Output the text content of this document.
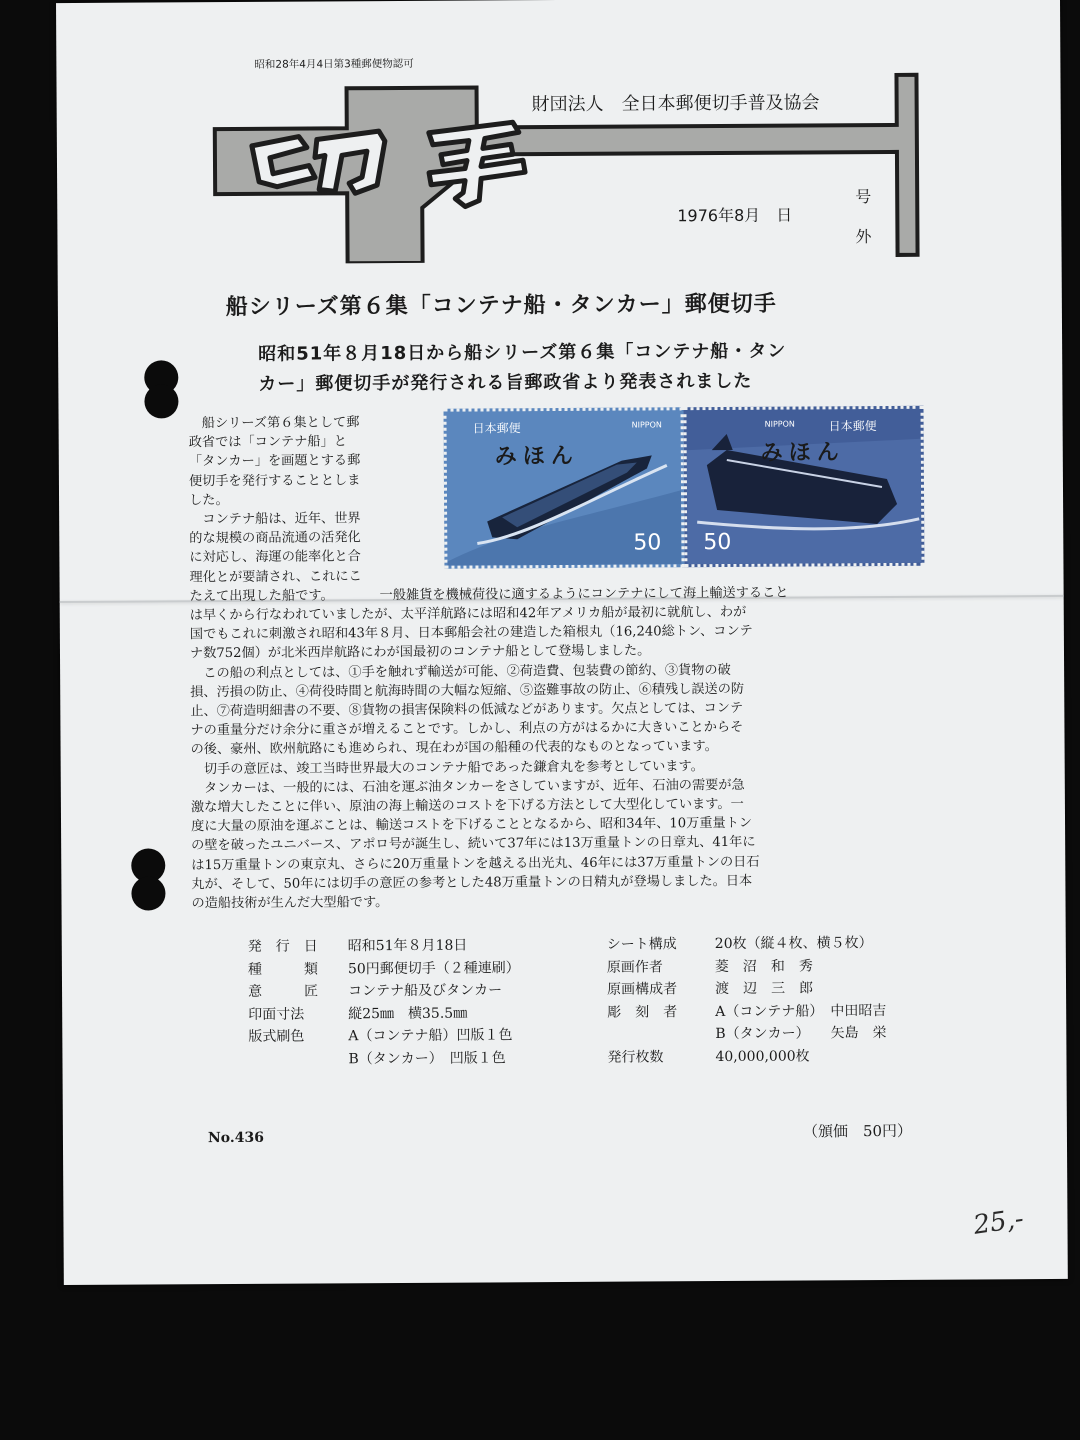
昭和28年4月4日第3種郵便物認可
財団法人　全日本郵便切手普及協会
1976年8月　日
号
外
船シリーズ第６集「コンテナ船・タンカー」郵便切手
昭和51年８月18日から船シリーズ第６集「コンテナ船・タン
カー」郵便切手が発行される旨郵政省より発表されました
日本郵便	NIPPON
みほん
50
NIPPON	日本郵便
みほん
50

　船シリーズ第６集として郵

政省では「コンテナ船」と

「タンカー」を画題とする郵

便切手を発行することとしま

した。

　コンテナ船は、近年、世界

的な規模の商品流通の活発化

に対応し、海運の能率化と合

理化とが要請され、これにこ

たえて出現した船です。	一般雑貨を機械荷役に適するようにコンテナにして海上輸送すること

は早くから行なわれていましたが、太平洋航路には昭和42年アメリカ船が最初に就航し、わが

国でもこれに刺激され昭和43年８月、日本郵船会社の建造した箱根丸（16,240総トン、コンテ

ナ数752個）が北米西岸航路にわが国最初のコンテナ船として登場しました。

　この船の利点としては、①手を触れず輸送が可能、②荷造費、包装費の節約、③貨物の破

損、汚損の防止、④荷役時間と航海時間の大幅な短縮、⑤盗難事故の防止、⑥積残し誤送の防

止、⑦荷造明細書の不要、⑧貨物の損害保険料の低減などがあります。欠点としては、コンテ

ナの重量分だけ余分に重さが増えることです。しかし、利点の方がはるかに大きいことからそ

の後、豪州、欧州航路にも進められ、現在わが国の船種の代表的なものとなっています。

　切手の意匠は、竣工当時世界最大のコンテナ船であった鎌倉丸を参考としています。

　タンカーは、一般的には、石油を運ぶ油タンカーをさしていますが、近年、石油の需要が急

激な増大したことに伴い、原油の海上輸送のコストを下げる方法として大型化しています。一

度に大量の原油を運ぶことは、輸送コストを下げることとなるから、昭和34年、10万重量トン

の壁を破ったユニバース、アポロ号が誕生し、続いて37年には13万重量トンの日章丸、41年に

は15万重量トンの東京丸、さらに20万重量トンを越える出光丸、46年には37万重量トンの日石

丸が、そして、50年には切手の意匠の参考とした48万重量トンの日精丸が登場しました。日本

の造船技術が生んだ大型船です。

発　行　日 昭和51年８月18日
種　　　類 50円郵便切手（２種連刷）
意　　　匠 コンテナ船及びタンカー
印面寸法	縦25㎜　横35.5㎜
版式刷色	A（コンテナ船）凹版１色
B（タンカー）　凹版１色
シート構成	20枚（縦４枚、横５枚）
原画作者	菱　沼　和　秀
原画構成者	渡　辺　三　郎
彫　刻　者	A（コンテナ船）　中田昭吉
B（タンカー）　　矢島　栄
発行枚数	40,000,000枚
No.436	（頒価　50円）
25,-
